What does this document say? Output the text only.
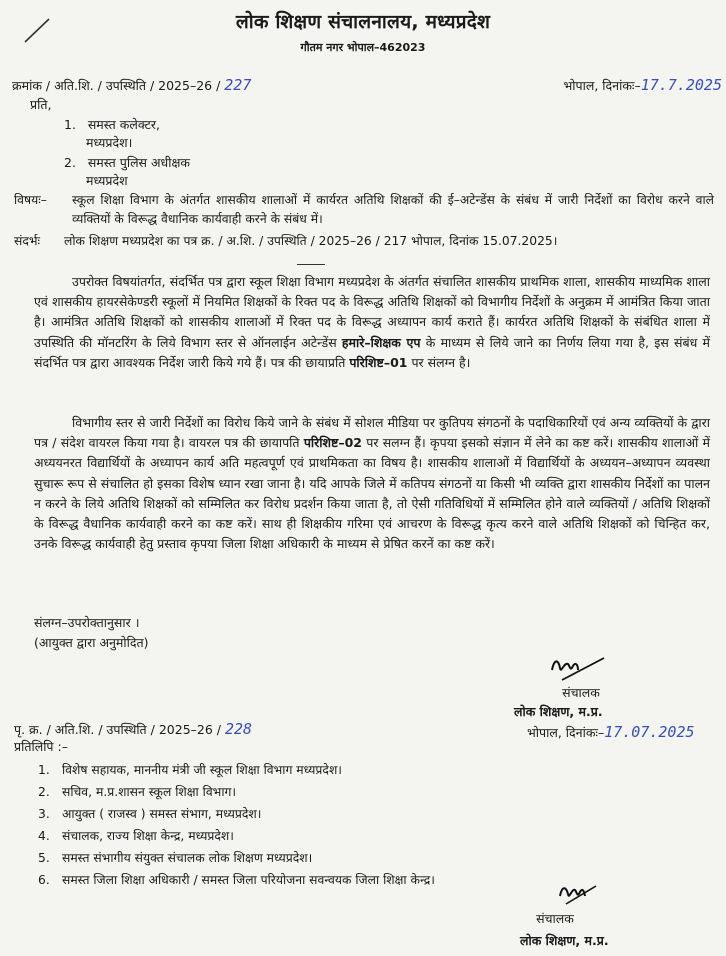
लोक शिक्षण संचालनालय, मध्यप्रदेश
गौतम नगर भोपाल–462023
क्रमांक / अति.शि. / उपस्थिति / 2025–26 / 227	भोपाल, दिनांकः–17.7.2025
प्रति,
1. समस्त कलेक्टर,
मध्यप्रदेश।
2. समस्त पुलिस अधीक्षक
मध्यप्रदेश
विषयः–	स्कूल शिक्षा विभाग के अंतर्गत शासकीय शालाओं में कार्यरत अतिथि शिक्षकों की ई–अटेन्डेंस के संबंध में जारी निर्देशों का विरोध करने वाले व्यक्तियों के विरूद्ध वैधानिक कार्यवाही करने के संबंध में।
संदर्भः	लोक शिक्षण मध्यप्रदेश का पत्र क्र. / अ.शि. / उपस्थिति / 2025–26 / 217 भोपाल, दिनांक 15.07.2025।

उपरोक्त विषयांतर्गत, संदर्भित पत्र द्वारा स्कूल शिक्षा विभाग मध्यप्रदेश के अंतर्गत संचालित शासकीय प्राथमिक शाला, शासकीय माध्यमिक शाला एवं शासकीय हायरसेकेण्डरी स्कूलों में नियमित शिक्षकों के रिक्त पद के विरूद्ध अतिथि शिक्षकों को विभागीय निर्देशों के अनुक्रम में आमंत्रित किया जाता है। आमंत्रित अतिथि शिक्षकों को शासकीय शालाओं में रिक्त पद के विरूद्ध अध्यापन कार्य कराते हैं। कार्यरत अतिथि शिक्षकों के संबंधित शाला में उपस्थिति की मॉनटरिंग के लिये विभाग स्तर से ऑनलाईन अटेन्डेंस हमारे–शिक्षक एप के माध्यम से लिये जाने का निर्णय लिया गया है, इस संबंध में संदर्भित पत्र द्वारा आवश्यक निर्देश जारी किये गये हैं। पत्र की छायाप्रति परिशिष्ट–01 पर संलग्न है।

विभागीय स्तर से जारी निर्देशों का विरोध किये जाने के संबंध में सोशल मीडिया पर कुतिपय संगठनों के पदाधिकारियों एवं अन्य व्यक्तियों के द्वारा पत्र / संदेश वायरल किया गया है। वायरल पत्र की छायापति परिशिष्ट–02 पर सलग्न हैं। कृपया इसको संज्ञान में लेने का कष्ट करें। शासकीय शालाओं में अध्ययनरत विद्यार्थियों के अध्यापन कार्य अति महत्वपूर्ण एवं प्राथमिकता का विषय है। शासकीय शालाओं में विद्यार्थियों के अध्ययन–अध्यापन व्यवस्था सुचारू रूप से संचालित हो इसका विशेष ध्यान रखा जाना है। यदि आपके जिले में कतिपय संगठनों या किसी भी व्यक्ति द्वारा शासकीय निर्देशों का पालन न करने के लिये अतिथि शिक्षकों को सम्मिलित कर विरोध प्रदर्शन किया जाता है, तो ऐसी गतिविधियों में सम्मिलित होने वाले व्यक्तियों / अतिथि शिक्षकों के विरूद्ध वैधानिक कार्यवाही करने का कष्ट करें। साथ ही शिक्षकीय गरिमा एवं आचरण के विरूद्ध कृत्य करने वाले अतिथि शिक्षकों को चिन्हित कर, उनके विरूद्ध कार्यवाही हेतु प्रस्ताव कृपया जिला शिक्षा अधिकारी के माध्यम से प्रेषित करनें का कष्ट करें।

संलग्न–उपरोक्तानुसार ।
(आयुक्त द्वारा अनुमोदित)
संचालक
लोक शिक्षण, म.प्र.
पृ. क्र. / अति.शि. / उपस्थिति / 2025–26 / 228	भोपाल, दिनांकः–17.07.2025
प्रतिलिपि :–
1. विशेष सहायक, माननीय मंत्री जी स्कूल शिक्षा विभाग मध्यप्रदेश।
2. सचिव, म.प्र.शासन स्कूल शिक्षा विभाग।
3. आयुक्त ( राजस्व ) समस्त संभाग, मध्यप्रदेश।
4. संचालक, राज्य शिक्षा केन्द्र, मध्यप्रदेश।
5. समस्त संभागीय संयुक्त संचालक लोक शिक्षण मध्यप्रदेश।
6. समस्त जिला शिक्षा अधिकारी / समस्त जिला परियोजना सवन्वयक जिला शिक्षा केन्द्र।
संचालक
लोक शिक्षण, म.प्र.
